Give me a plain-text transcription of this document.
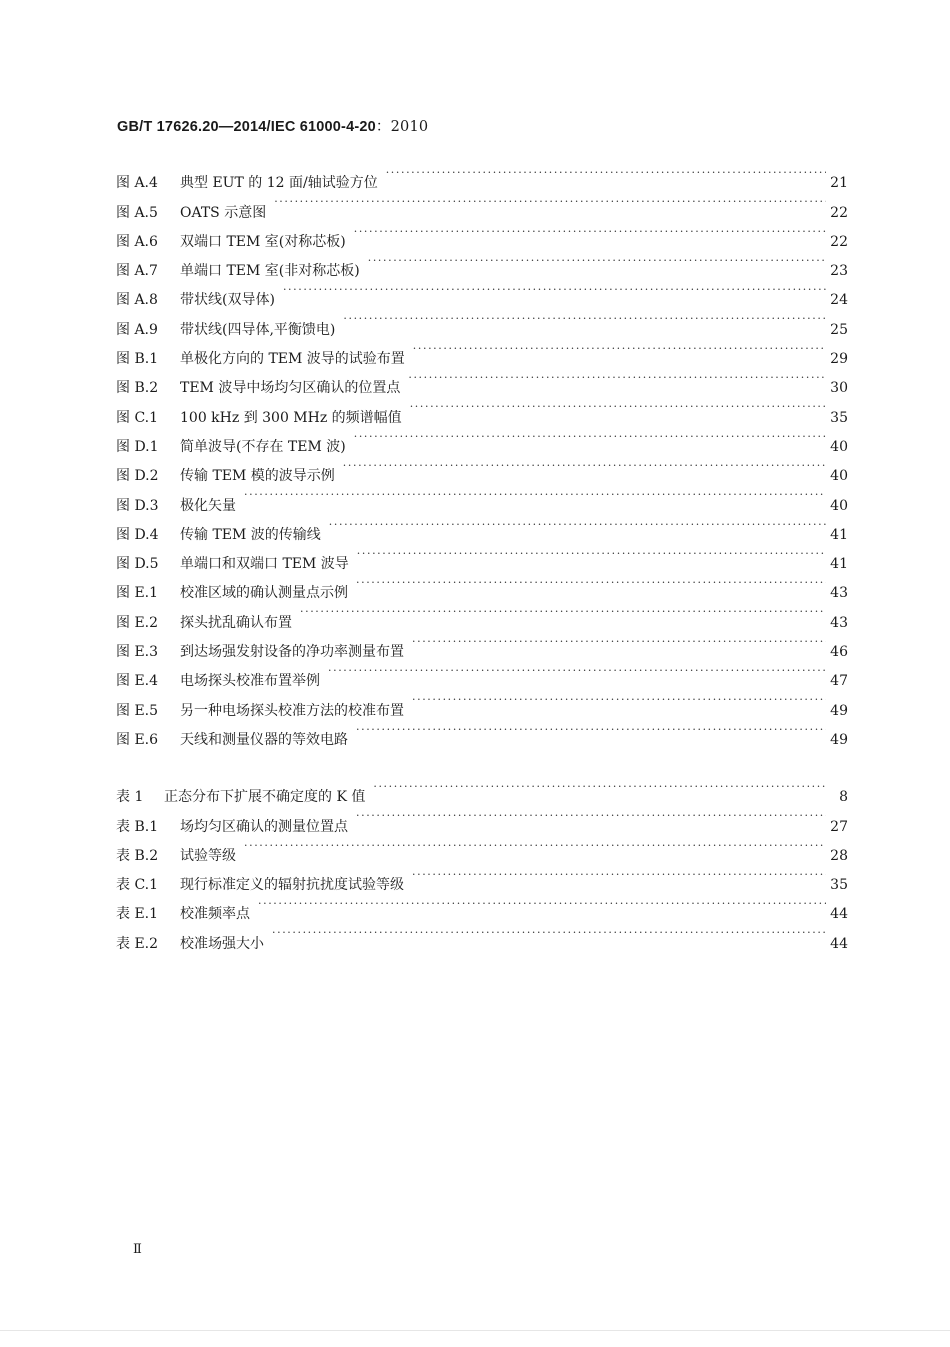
GB/T 17626.20—2014/IEC 61000-4-20：2010
图 A.4	典型 EUT 的 12 面/轴试验方位 ·····	21
图 A.5	OATS 示意图 ·····	22
图 A.6	双端口 TEM 室(对称芯板) ·····	22
图 A.7	单端口 TEM 室(非对称芯板) ·····	23
图 A.8	带状线(双导体) ·····	24
图 A.9	带状线(四导体,平衡馈电) ·····	25
图 B.1	单极化方向的 TEM 波导的试验布置 ·····	29
图 B.2	TEM 波导中场均匀区确认的位置点 ·····	30
图 C.1	100 kHz 到 300 MHz 的频谱幅值 ·····	35
图 D.1	简单波导(不存在 TEM 波) ·····	40
图 D.2	传输 TEM 模的波导示例 ·····	40
图 D.3	极化矢量 ·····	40
图 D.4	传输 TEM 波的传输线 ·····	41
图 D.5	单端口和双端口 TEM 波导 ·····	41
图 E.1	校准区域的确认测量点示例 ·····	43
图 E.2	探头扰乱确认布置 ·····	43
图 E.3	到达场强发射设备的净功率测量布置 ·····	46
图 E.4	电场探头校准布置举例 ·····	47
图 E.5	另一种电场探头校准方法的校准布置 ·····	49
图 E.6	天线和测量仪器的等效电路 ·····	49
表 1	正态分布下扩展不确定度的 K 值 ·····	8
表 B.1	场均匀区确认的测量位置点 ·····	27
表 B.2	试验等级 ·····	28
表 C.1	现行标准定义的辐射抗扰度试验等级 ·····	35
表 E.1	校准频率点 ·····	44
表 E.2	校准场强大小 ·····	44
Ⅱ
